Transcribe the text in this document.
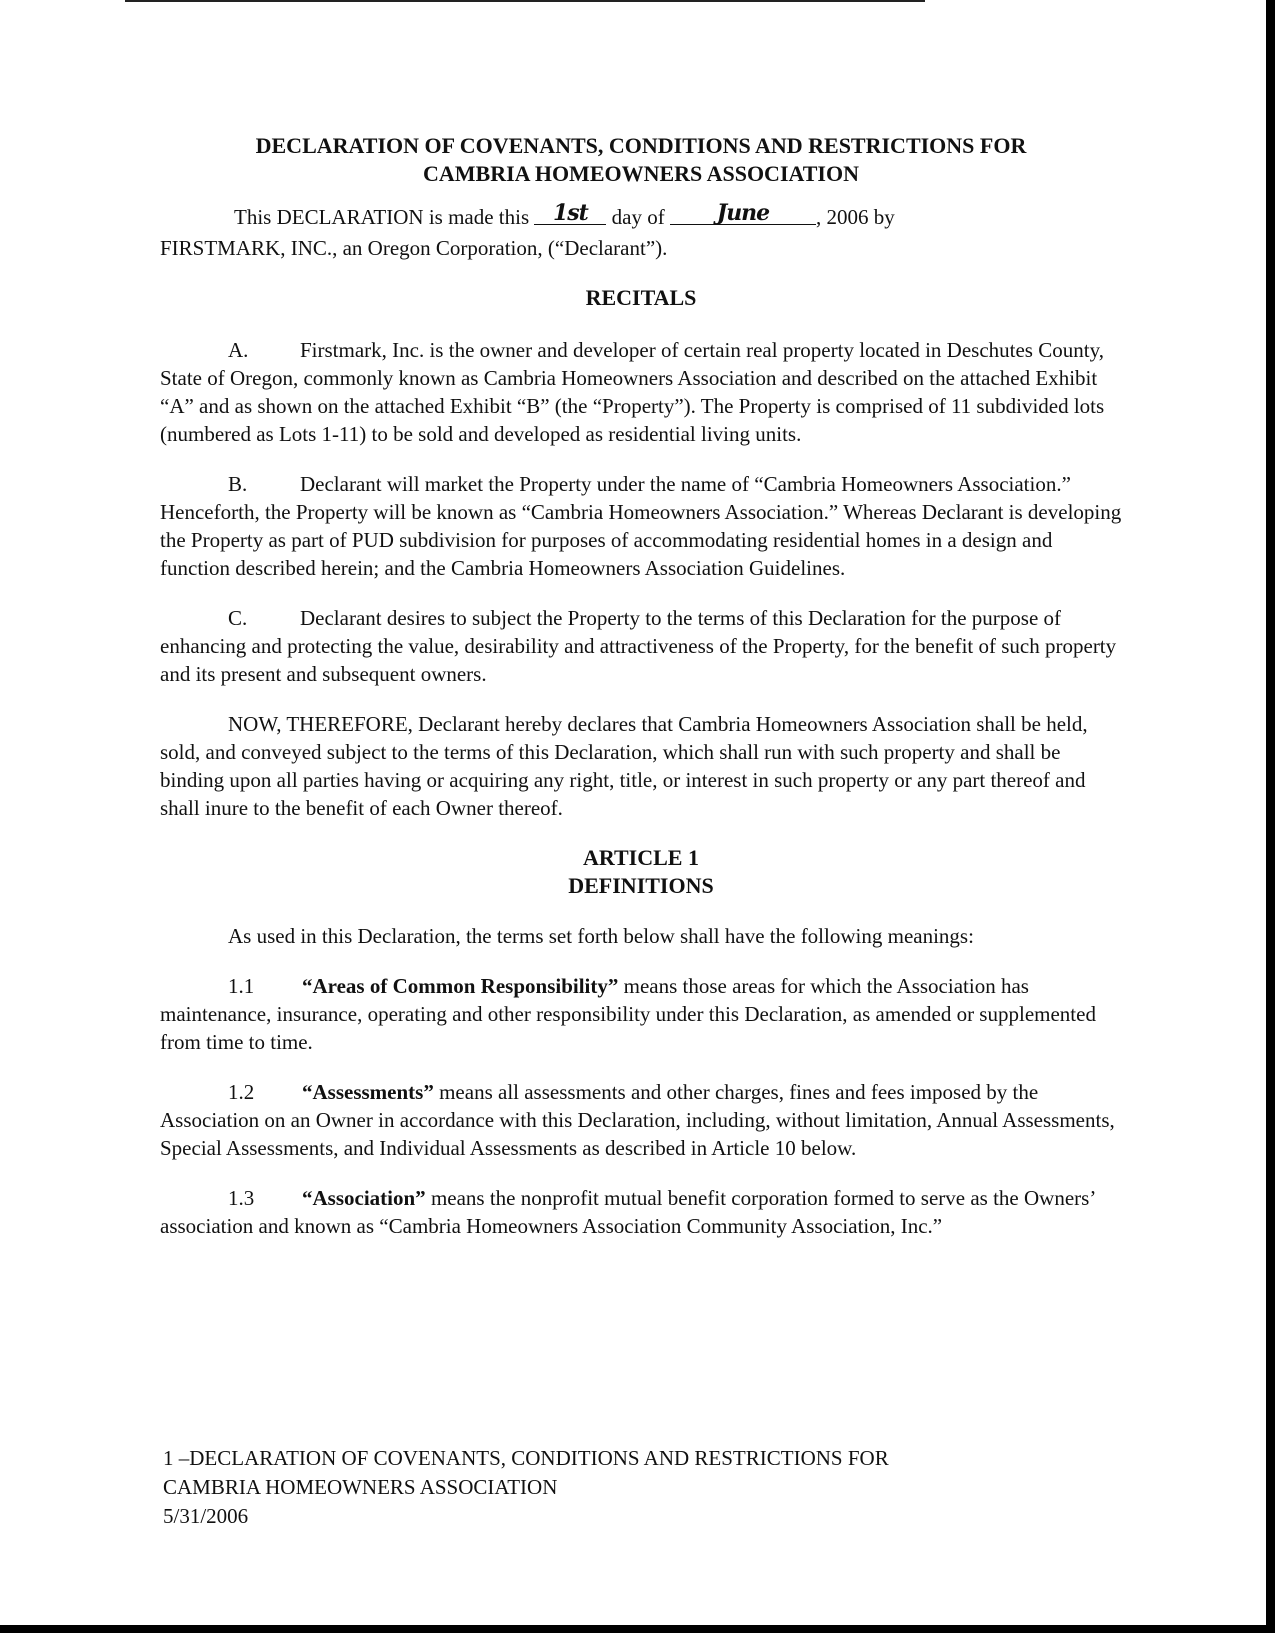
DECLARATION OF COVENANTS, CONDITIONS AND RESTRICTIONS FOR
CAMBRIA HOMEOWNERS ASSOCIATION
This DECLARATION is made this 1st day of June , 2006 by
FIRSTMARK, INC., an Oregon Corporation, (“Declarant”).
RECITALS

A. Firstmark, Inc. is the owner and developer of certain real property located in Deschutes County, State of Oregon, commonly known as Cambria Homeowners Association and described on the attached Exhibit “A” and as shown on the attached Exhibit “B” (the “Property”). The Property is comprised of 11 subdivided lots (numbered as Lots 1-11) to be sold and developed as residential living units.

B.	Declarant will market the Property under the name of “Cambria Homeowners Association.” Henceforth, the Property will be known as “Cambria Homeowners Association.” Whereas Declarant is developing the Property as part of PUD subdivision for purposes of accommodating residential homes in a design and function described herein; and the Cambria Homeowners Association Guidelines.

C.	Declarant desires to subject the Property to the terms of this Declaration for the purpose of enhancing and protecting the value, desirability and attractiveness of the Property, for the benefit of such property and its present and subsequent owners.

NOW, THEREFORE, Declarant hereby declares that Cambria Homeowners Association shall be held, sold, and conveyed subject to the terms of this Declaration, which shall run with such property and shall be binding upon all parties having or acquiring any right, title, or interest in such property or any part thereof and shall inure to the benefit of each Owner thereof.

ARTICLE 1
DEFINITIONS

As used in this Declaration, the terms set forth below shall have the following meanings:

1.1 “Areas of Common Responsibility” means those areas for which the Association has maintenance, insurance, operating and other responsibility under this Declaration, as amended or supplemented from time to time.

1.2 “Assessments” means all assessments and other charges, fines and fees imposed by the Association on an Owner in accordance with this Declaration, including, without limitation, Annual Assessments, Special Assessments, and Individual Assessments as described in Article 10 below.

1.3 “Association” means the nonprofit mutual benefit corporation formed to serve as the Owners’ association and known as “Cambria Homeowners Association Community Association, Inc.”

1 –DECLARATION OF COVENANTS, CONDITIONS AND RESTRICTIONS FOR
CAMBRIA HOMEOWNERS ASSOCIATION
5/31/2006
